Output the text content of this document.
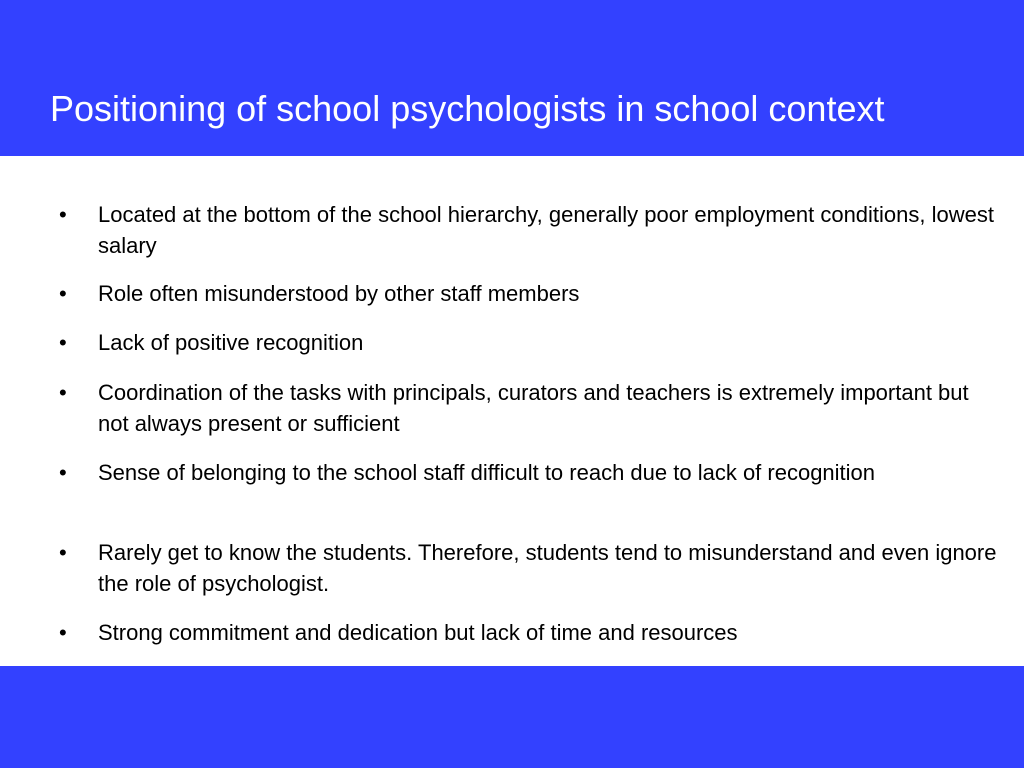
Positioning of school psychologists in school context
• Located at the bottom of the school hierarchy, generally poor employment conditions, lowest salary
• Role often misunderstood by other staff members
• Lack of positive recognition
• Coordination of the tasks with principals, curators and teachers is extremely important but not always present or sufficient
• Sense of belonging to the school staff difficult to reach due to lack of recognition
• Rarely get to know the students. Therefore, students tend to misunderstand and even ignore the role of psychologist.
• Strong commitment and dedication but lack of time and resources
